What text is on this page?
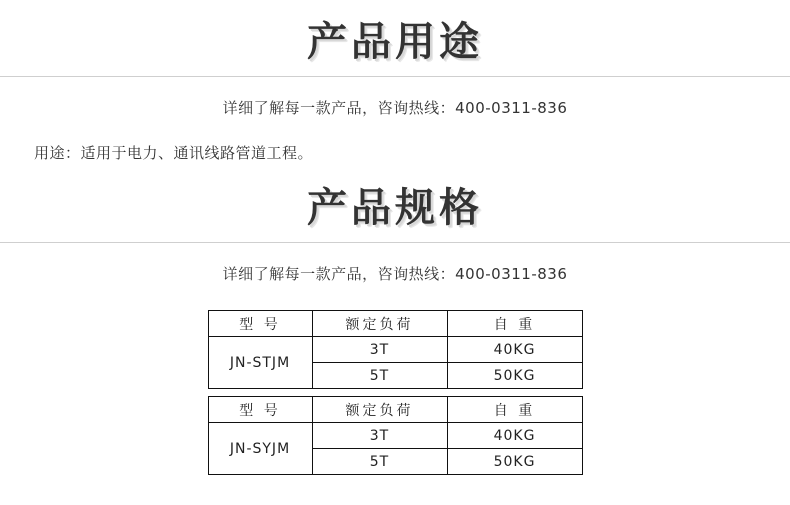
产品用途
详细了解每一款产品，咨询热线：400-0311-836
用途：适用于电力、通讯线路管道工程。
产品规格
详细了解每一款产品，咨询热线：400-0311-836
型 号	额定负荷	自 重
JN-STJM	3T	40KG
	5T	50KG
型 号	额定负荷	自 重
JN-SYJM	3T	40KG
	5T	50KG
